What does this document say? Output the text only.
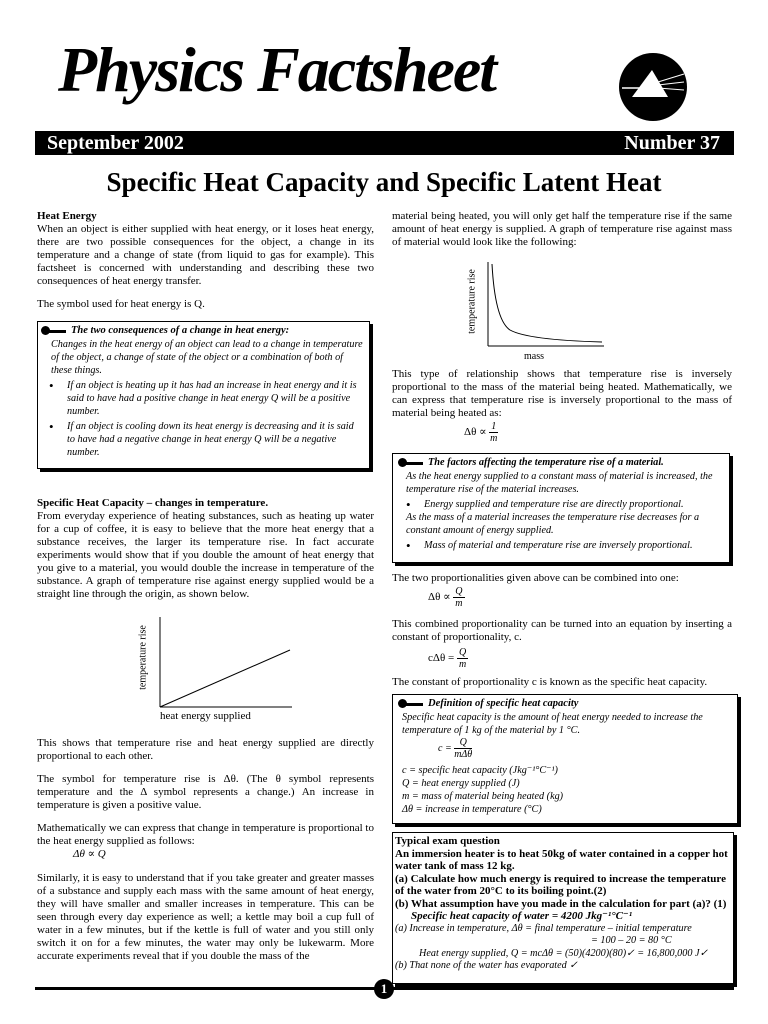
Physics Factsheet
September 2002	Number 37
Specific Heat Capacity and Specific Latent Heat
Heat Energy

When an object is either supplied with heat energy, or it loses heat energy, there are two possible consequences for the object, a change in its temperature and a change of state (from liquid to gas for example). This factsheet is concerned with understanding and describing these two consequences of heat energy transfer.

The symbol used for heat energy is Q.

The two consequences of a change in heat energy:
Changes in the heat energy of an object can lead to a change in temperature of the object, a change of state of the object or a combination of both of these things.
• If an object is heating up it has had an increase in heat energy and it is said to have had a positive change in heat energy Q will be a positive number.
• If an object is cooling down its heat energy is decreasing and it is said to have had a negative change in heat energy Q will be a negative number.
Specific Heat Capacity – changes in temperature.

From everyday experience of heating substances, such as heating up water for a cup of coffee, it is easy to believe that the more heat energy that a substance receives, the larger its temperature rise. In fact accurate experiments would show that if you double the amount of heat energy that you give to a material, you would double the increase in temperature of the substance. A graph of temperature rise against energy supplied would be a straight line through the origin, as shown below.

temperature rise
heat energy supplied

This shows that temperature rise and heat energy supplied are directly proportional to each other.

The symbol for temperature rise is Δθ. (The θ symbol represents temperature and the Δ symbol represents a change.) An increase in temperature is given a positive value.

Mathematically we can express that change in temperature is proportional to the heat energy supplied as follows:

Δθ ∝ Q

Similarly, it is easy to understand that if you take greater and greater masses of a substance and supply each mass with the same amount of heat energy, they will have smaller and smaller increases in temperature. This can be seen through every day experience as well; a kettle may boil a cup full of water in a few minutes, but if the kettle is full of water and you still only switch it on for a few minutes, the water may only be lukewarm. More accurate experiments reveal that if you double the mass of the

material being heated, you will only get half the temperature rise if the same amount of heat energy is supplied. A graph of temperature rise against mass of material would look like the following:

temperature rise
mass

This type of relationship shows that temperature rise is inversely proportional to the mass of the material being heated. Mathematically, we can express that temperature rise is inversely proportional to the mass of material being heated as:

$\Delta\theta \propto \frac{1}{m}$
The factors affecting the temperature rise of a material.
As the heat energy supplied to a constant mass of material is increased, the temperature rise of the material increases.
• Energy supplied and temperature rise are directly proportional.
As the mass of a material increases the temperature rise decreases for a constant amount of energy supplied.
• Mass of material and temperature rise are inversely proportional.

The two proportionalities given above can be combined into one:

$\Delta\theta \propto \frac{Q}{m}$

This combined proportionality can be turned into an equation by inserting a constant of proportionality, c.

$c\Delta\theta = \frac{Q}{m}$

The constant of proportionality c is known as the specific heat capacity.

Definition of specific heat capacity
Specific heat capacity is the amount of heat energy needed to increase the temperature of 1 kg of the material by 1 °C.
$c = \frac{Q}{\text{mΔθ}}$
c = specific heat capacity (Jkg⁻¹°C⁻¹)
Q = heat energy supplied (J)
m = mass of material being heated (kg)
Δθ = increase in temperature (°C)
Typical exam question
An immersion heater is to heat 50kg of water contained in a copper hot water tank of mass 12 kg.
(a) Calculate how much energy is required to increase the temperature of the water from 20°C to its boiling point.(2)
(b) What assumption have you made in the calculation for part (a)? (1)
Specific heat capacity of water = 4200 Jkg⁻¹°C⁻¹
(a) Increase in temperature, Δθ = final temperature – initial temperature
= 100 – 20 = 80 °C
Heat energy supplied, Q = mcΔθ = (50)(4200)(80)✓ = 16,800,000 J✓
(b) That none of the water has evaporated ✓
1
